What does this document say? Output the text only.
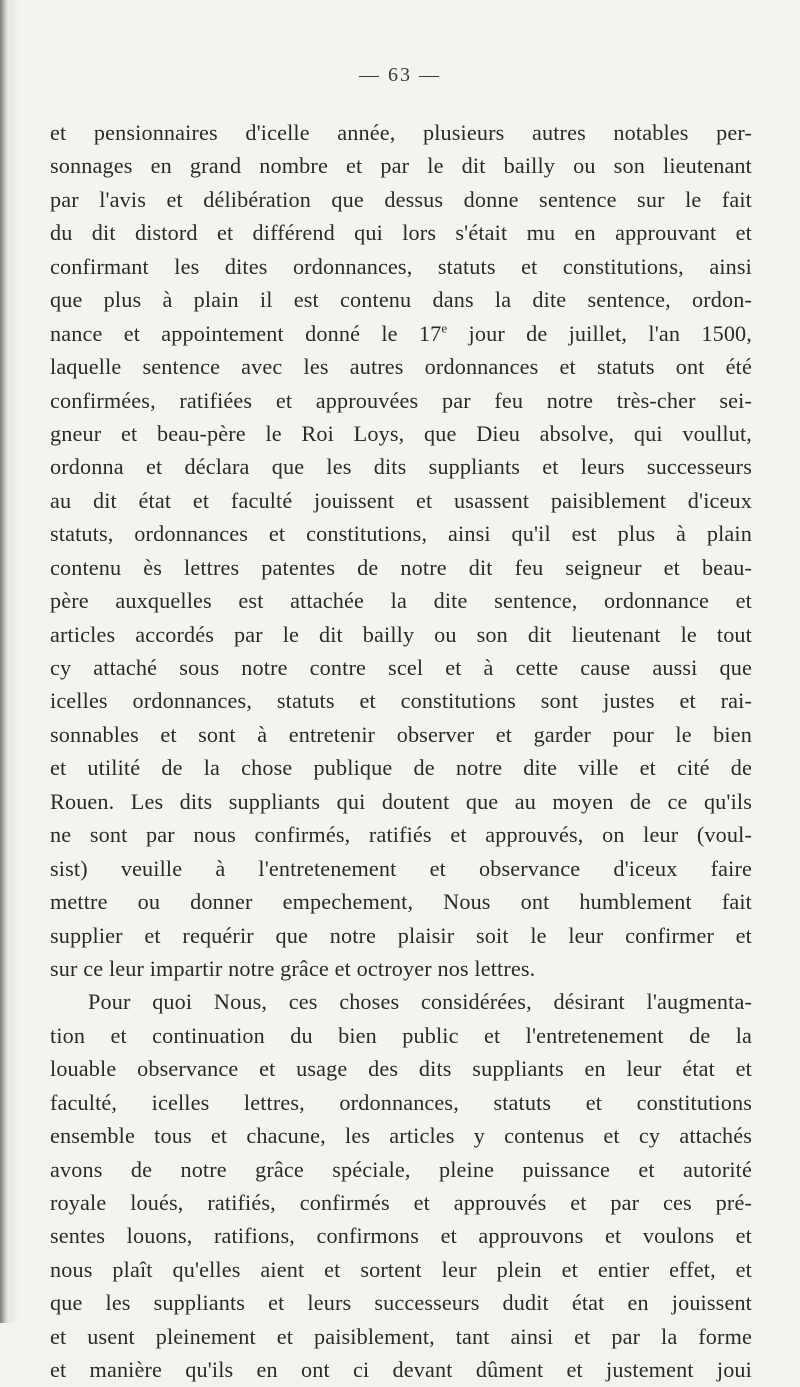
— 63 —
et pensionnaires d'icelle année, plusieurs autres notables per-
sonnages en grand nombre et par le dit bailly ou son lieutenant
par l'avis et délibération que dessus donne sentence sur le fait
du dit distord et différend qui lors s'était mu en approuvant et
confirmant les dites ordonnances, statuts et constitutions, ainsi
que plus à plain il est contenu dans la dite sentence, ordon-
nance et appointement donné le 17e jour de juillet, l'an 1500,
laquelle sentence avec les autres ordonnances et statuts ont été
confirmées, ratifiées et approuvées par feu notre très-cher sei-
gneur et beau-père le Roi Loys, que Dieu absolve, qui voullut,
ordonna et déclara que les dits suppliants et leurs successeurs
au dit état et faculté jouissent et usassent paisiblement d'iceux
statuts, ordonnances et constitutions, ainsi qu'il est plus à plain
contenu ès lettres patentes de notre dit feu seigneur et beau-
père auxquelles est attachée la dite sentence, ordonnance et
articles accordés par le dit bailly ou son dit lieutenant le tout
cy attaché sous notre contre scel et à cette cause aussi que
icelles ordonnances, statuts et constitutions sont justes et rai-
sonnables et sont à entretenir observer et garder pour le bien
et utilité de la chose publique de notre dite ville et cité de
Rouen. Les dits suppliants qui doutent que au moyen de ce qu'ils
ne sont par nous confirmés, ratifiés et approuvés, on leur (voul-
sist) veuille à l'entretenement et observance d'iceux faire
mettre ou donner empechement, Nous ont humblement fait
supplier et requérir que notre plaisir soit le leur confirmer et
sur ce leur impartir notre grâce et octroyer nos lettres.
Pour quoi Nous, ces choses considérées, désirant l'augmenta-
tion et continuation du bien public et l'entretenement de la
louable observance et usage des dits suppliants en leur état et
faculté, icelles lettres, ordonnances, statuts et constitutions
ensemble tous et chacune, les articles y contenus et cy attachés
avons de notre grâce spéciale, pleine puissance et autorité
royale loués, ratifiés, confirmés et approuvés et par ces pré-
sentes louons, ratifions, confirmons et approuvons et voulons et
nous plaît qu'elles aient et sortent leur plein et entier effet, et
que les suppliants et leurs successeurs dudit état en jouissent
et usent pleinement et paisiblement, tant ainsi et par la forme
et manière qu'ils en ont ci devant dûment et justement joui
